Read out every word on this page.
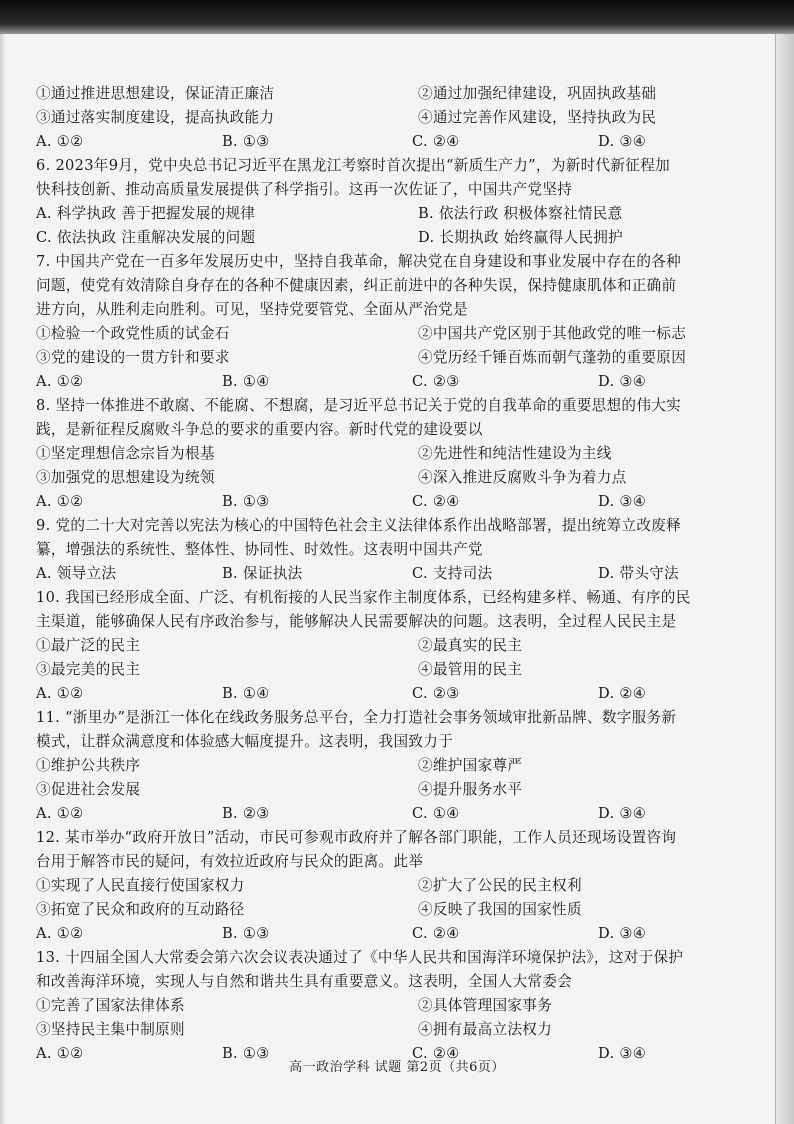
①通过推进思想建设，保证清正廉洁	②通过加强纪律建设，巩固执政基础
③通过落实制度建设，提高执政能力	④通过完善作风建设，坚持执政为民
A. ①②	B. ①③	C. ②④	D. ③④
6. 2023年9月，党中央总书记习近平在黑龙江考察时首次提出“新质生产力”，为新时代新征程加
快科技创新、推动高质量发展提供了科学指引。这再一次佐证了，中国共产党坚持
A. 科学执政 善于把握发展的规律	B. 依法行政 积极体察社情民意
C. 依法执政 注重解决发展的问题	D. 长期执政 始终赢得人民拥护
7. 中国共产党在一百多年发展历史中，坚持自我革命，解决党在自身建设和事业发展中存在的各种
问题，使党有效清除自身存在的各种不健康因素，纠正前进中的各种失误，保持健康肌体和正确前
进方向，从胜利走向胜利。可见，坚持党要管党、全面从严治党是
①检验一个政党性质的试金石	②中国共产党区别于其他政党的唯一标志
③党的建设的一贯方针和要求	④党历经千锤百炼而朝气蓬勃的重要原因
A. ①②	B. ①④	C. ②③	D. ③④
8. 坚持一体推进不敢腐、不能腐、不想腐，是习近平总书记关于党的自我革命的重要思想的伟大实
践，是新征程反腐败斗争总的要求的重要内容。新时代党的建设要以
①坚定理想信念宗旨为根基	②先进性和纯洁性建设为主线
③加强党的思想建设为统领	④深入推进反腐败斗争为着力点
A. ①②	B. ①③	C. ②④	D. ③④
9. 党的二十大对完善以宪法为核心的中国特色社会主义法律体系作出战略部署，提出统筹立改废释
纂，增强法的系统性、整体性、协同性、时效性。这表明中国共产党
A. 领导立法	B. 保证执法	C. 支持司法	D. 带头守法
10. 我国已经形成全面、广泛、有机衔接的人民当家作主制度体系，已经构建多样、畅通、有序的民
主渠道，能够确保人民有序政治参与，能够解决人民需要解决的问题。这表明，全过程人民民主是
①最广泛的民主	②最真实的民主
③最完美的民主	④最管用的民主
A. ①②	B. ①④	C. ②③	D. ②④
11. “浙里办”是浙江一体化在线政务服务总平台，全力打造社会事务领域审批新品牌、数字服务新
模式，让群众满意度和体验感大幅度提升。这表明，我国致力于
①维护公共秩序	②维护国家尊严
③促进社会发展	④提升服务水平
A. ①②	B. ②③	C. ①④	D. ③④
12. 某市举办“政府开放日”活动，市民可参观市政府并了解各部门职能，工作人员还现场设置咨询
台用于解答市民的疑问，有效拉近政府与民众的距离。此举
①实现了人民直接行使国家权力	②扩大了公民的民主权利
③拓宽了民众和政府的互动路径	④反映了我国的国家性质
A. ①②	B. ①③	C. ②④	D. ③④
13. 十四届全国人大常委会第六次会议表决通过了《中华人民共和国海洋环境保护法》，这对于保护
和改善海洋环境，实现人与自然和谐共生具有重要意义。这表明，全国人大常委会
①完善了国家法律体系	②具体管理国家事务
③坚持民主集中制原则	④拥有最高立法权力
A. ①②	B. ①③	C. ②④	D. ③④
高一政治学科 试题 第2页（共6页）
